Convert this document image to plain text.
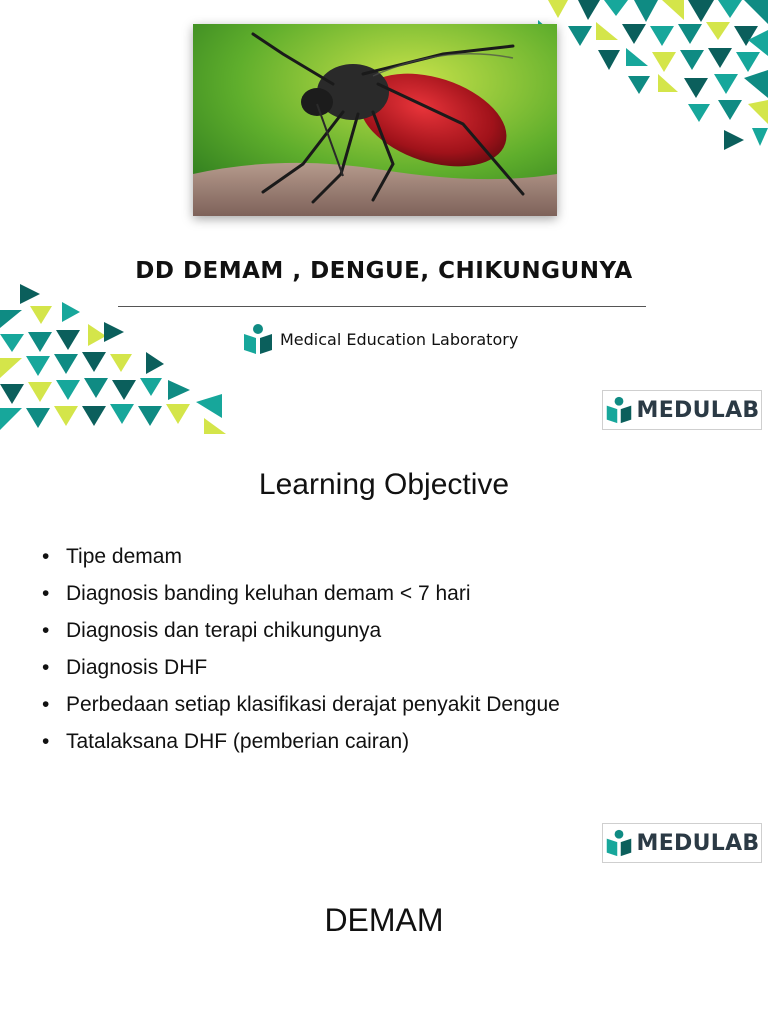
DD DEMAM , DENGUE, CHIKUNGUNYA
Medical Education Laboratory
MEDULAB
Learning Objective
• Tipe demam
• Diagnosis banding keluhan demam < 7 hari
• Diagnosis dan terapi chikungunya
• Diagnosis DHF
• Perbedaan setiap klasifikasi derajat penyakit Dengue
• Tatalaksana DHF (pemberian cairan)
MEDULAB
DEMAM
